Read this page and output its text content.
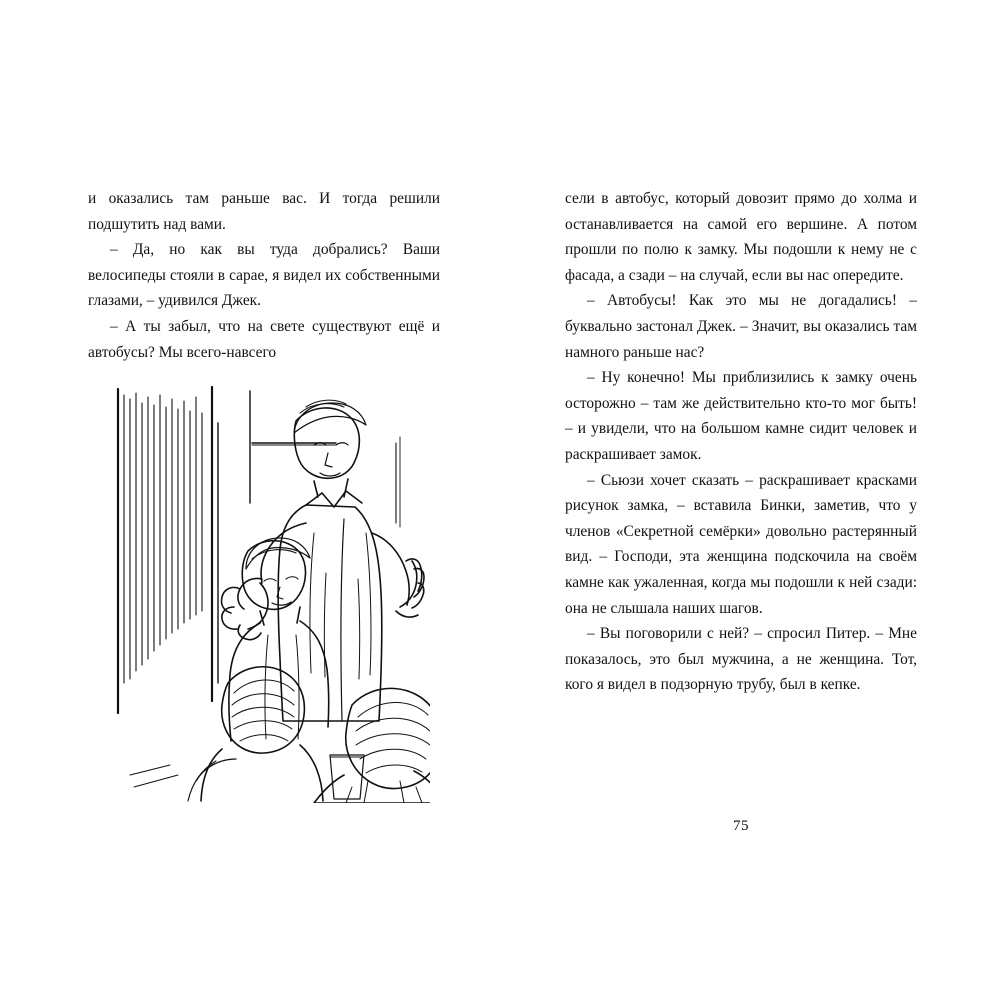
и оказались там раньше вас. И тогда решили подшутить над вами.

– Да, но как вы туда добрались? Ваши велосипеды стояли в сарае, я видел их собственными глазами, – удивился Джек.

– А ты забыл, что на свете существуют ещё и автобусы? Мы всего-навсего

сели в автобус, который довозит прямо до холма и останавливается на самой его вершине. А потом прошли по полю к замку. Мы подошли к нему не с фасада, а сзади – на случай, если вы нас опередите.

– Автобусы! Как это мы не догадались! – буквально застонал Джек. – Значит, вы оказались там намного раньше нас?

– Ну конечно! Мы приблизились к замку очень осторожно – там же действительно кто-то мог быть! – и увидели, что на большом камне сидит человек и раскрашивает замок.

– Сьюзи хочет сказать – раскрашивает красками рисунок замка, – вставила Бинки, заметив, что у членов «Секретной семёрки» довольно растерянный вид. – Господи, эта женщина подскочила на своём камне как ужаленная, когда мы подошли к ней сзади: она не слышала наших шагов.

– Вы поговорили с ней? – спросил Питер. – Мне показалось, это был мужчина, а не женщина. Тот, кого я видел в подзорную трубу, был в кепке.

75
